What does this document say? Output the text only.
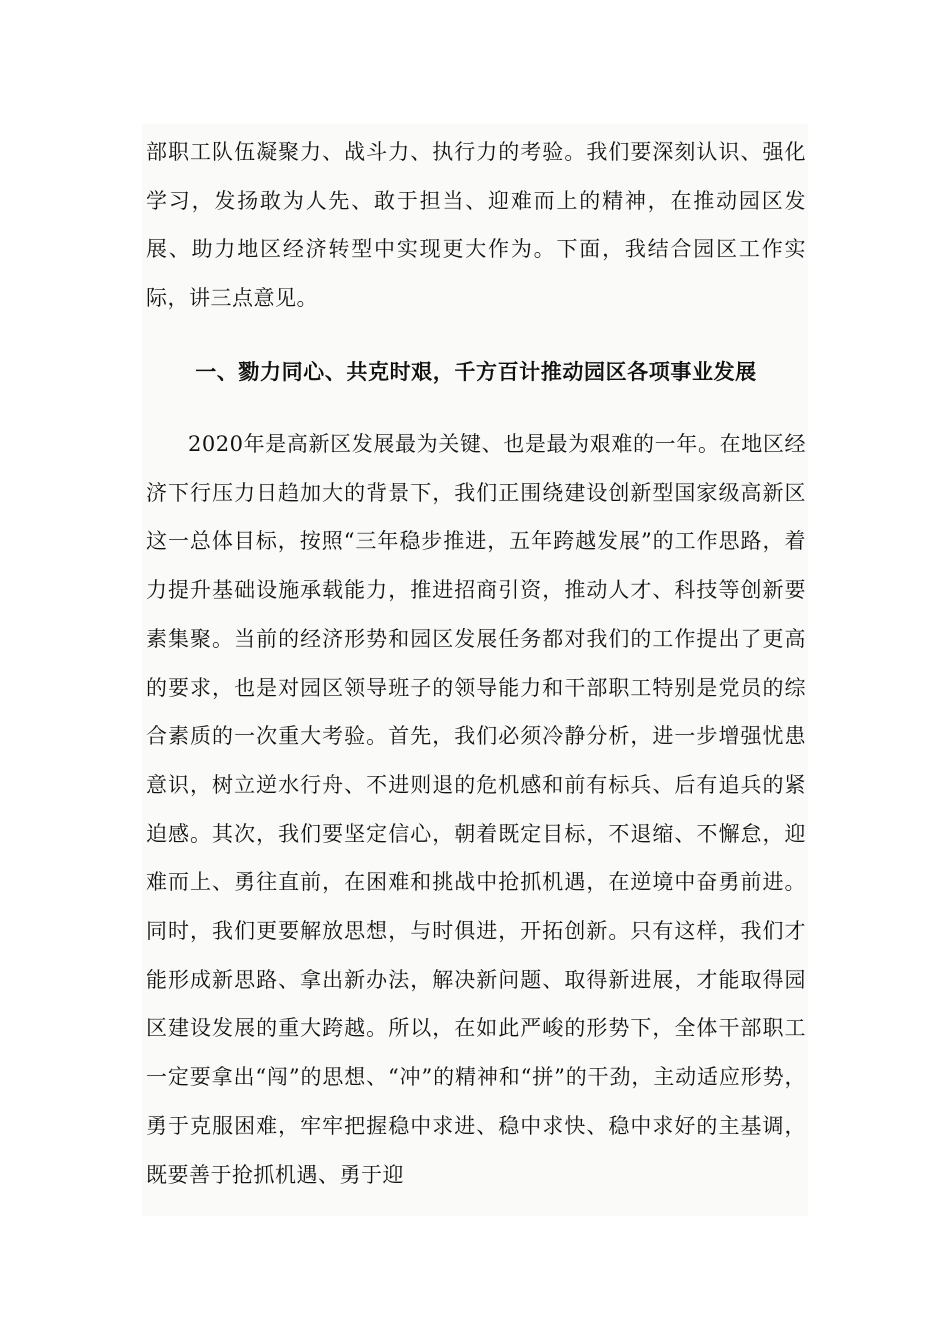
部职工队伍凝聚力、战斗力、执行力的考验。我们要深刻认识、强化学习，发扬敢为人先、敢于担当、迎难而上的精神，在推动园区发展、助力地区经济转型中实现更大作为。下面，我结合园区工作实际，讲三点意见。

一、勠力同心、共克时艰，千方百计推动园区各项事业发展

2020年是高新区发展最为关键、也是最为艰难的一年。在地区经济下行压力日趋加大的背景下，我们正围绕建设创新型国家级高新区这一总体目标，按照“三年稳步推进，五年跨越发展”的工作思路，着力提升基础设施承载能力，推进招商引资，推动人才、科技等创新要素集聚。当前的经济形势和园区发展任务都对我们的工作提出了更高的要求，也是对园区领导班子的领导能力和干部职工特别是党员的综合素质的一次重大考验。首先，我们必须冷静分析，进一步增强忧患意识，树立逆水行舟、不进则退的危机感和前有标兵、后有追兵的紧迫感。其次，我们要坚定信心，朝着既定目标，不退缩、不懈怠，迎难而上、勇往直前，在困难和挑战中抢抓机遇，在逆境中奋勇前进。同时，我们更要解放思想，与时俱进，开拓创新。只有这样，我们才能形成新思路、拿出新办法，解决新问题、取得新进展，才能取得园区建设发展的重大跨越。所以，在如此严峻的形势下，全体干部职工一定要拿出“闯”的思想、“冲”的精神和“拼”的干劲，主动适应形势，勇于克服困难，牢牢把握稳中求进、稳中求快、稳中求好的主基调，既要善于抢抓机遇、勇于迎
